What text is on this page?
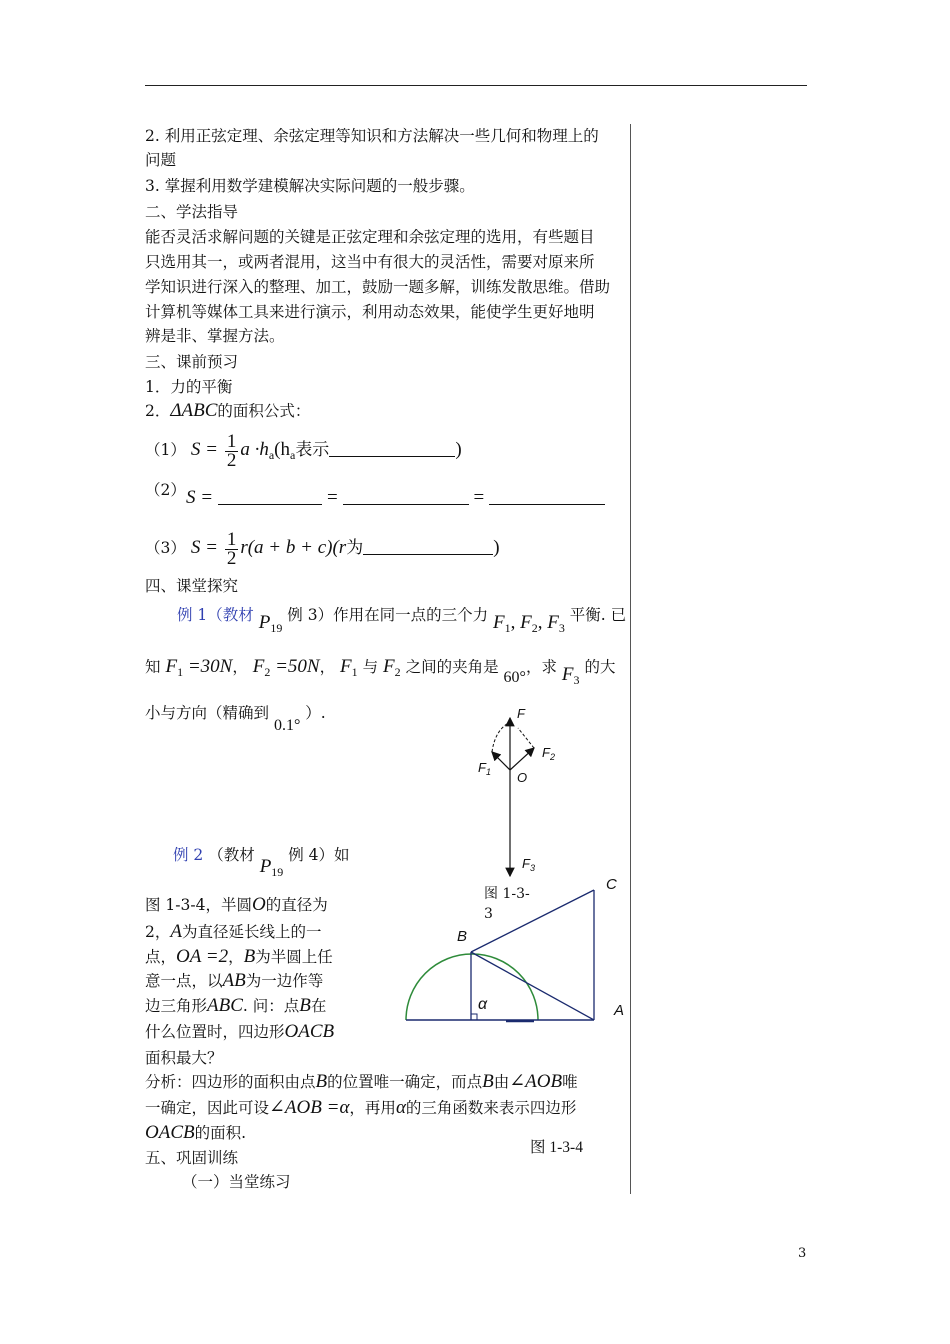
2. 利用正弦定理、余弦定理等知识和方法解决一些几何和物理上的
问题
3. 掌握利用数学建模解决实际问题的一般步骤。
二、学法指导
能否灵活求解问题的关键是正弦定理和余弦定理的选用，有些题目
只选用其一，或两者混用，这当中有很大的灵活性，需要对原来所
学知识进行深入的整理、加工，鼓励一题多解，训练发散思维。借助
计算机等媒体工具来进行演示，利用动态效果，能使学生更好地明
辨是非、掌握方法。
三、课前预习
1．力的平衡
2．ΔABC的面积公式：
（1） $S = \frac{1}{2}$ $a \cdot h_a(h_a$表示	)
（2） S =	=	=
（3） $S = \frac{1}{2} r(a + b + c)(r$为	)
四、课堂探究
例 1（教材 $P_{19}$ 例 3）作用在同一点的三个力 $F_1$, $F_2$, $F_3$ 平衡. 已
知 $F_1 =30N$， $F_2 =50N$， $F_1$ 与 $F_2$ 之间的夹角是 60°，求 $F_3$ 的大
小与方向（精确到 0.1° ）.
例 2 （教材 $P_{19}$ 例 4）如
图 1-3-4，半圆O的直径为
2，A为直径延长线上的一
点，OA =2，B为半圆上任
意一点，以AB为一边作等
边三角形ABC. 问：点B在
什么位置时，四边形OACB
面积最大？
分析：四边形的面积由点B的位置唯一确定，而点B由∠AOB唯
一确定，因此可设∠AOB =α，再用α的三角函数来表示四边形
OACB的面积.
五、巩固训练
（一）当堂练习
F
$F_2$
$F_1$ O
$F_3$
图 1-3-
3
C
B
A
α
图 1-3-4
3
